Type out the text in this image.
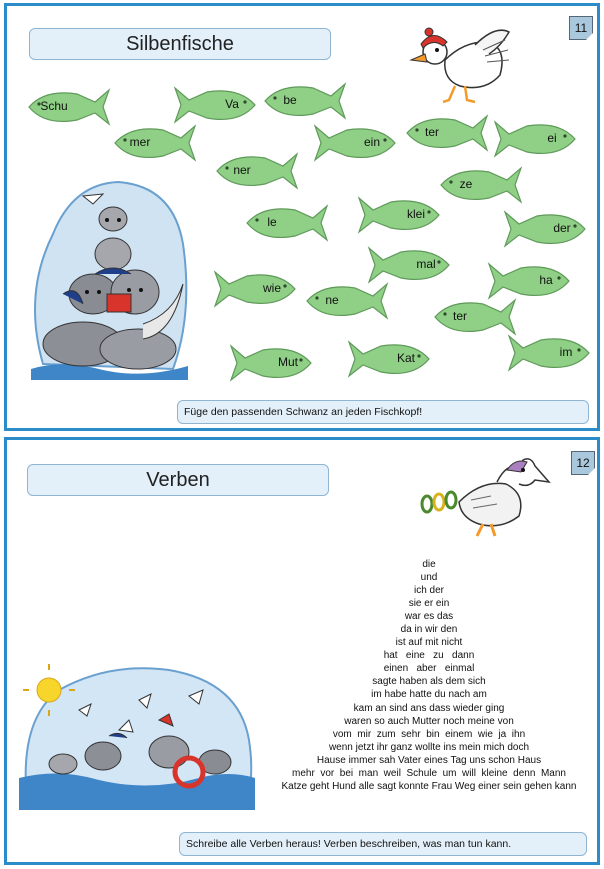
Silbenfische
11
Schu	Va	be
mer	ein
ter	ei
ner
ze
le
klei
der
mal
wie
ha
ne
ter
Mut	Kat	im
Füge den passenden Schwanz an jeden Fischkopf!
Verben
12
die
und
ich der
sie er ein
war es das
da in wir den
ist auf mit nicht
hat   eine   zu   dann
einen   aber   einmal
sagte haben als dem sich
im habe hatte du nach am
kam an sind ans dass wieder ging
waren so auch Mutter noch meine von
vom  mir  zum  sehr  bin  einem  wie  ja  ihn
wenn jetzt ihr ganz wollte ins mein mich doch
Hause immer sah Vater eines Tag uns schon Haus
mehr  vor  bei  man  weil  Schule  um  will  kleine  denn  Mann
Katze geht Hund alle sagt konnte Frau Weg einer sein gehen kann
Schreibe alle Verben heraus! Verben beschreiben, was man tun kann.
